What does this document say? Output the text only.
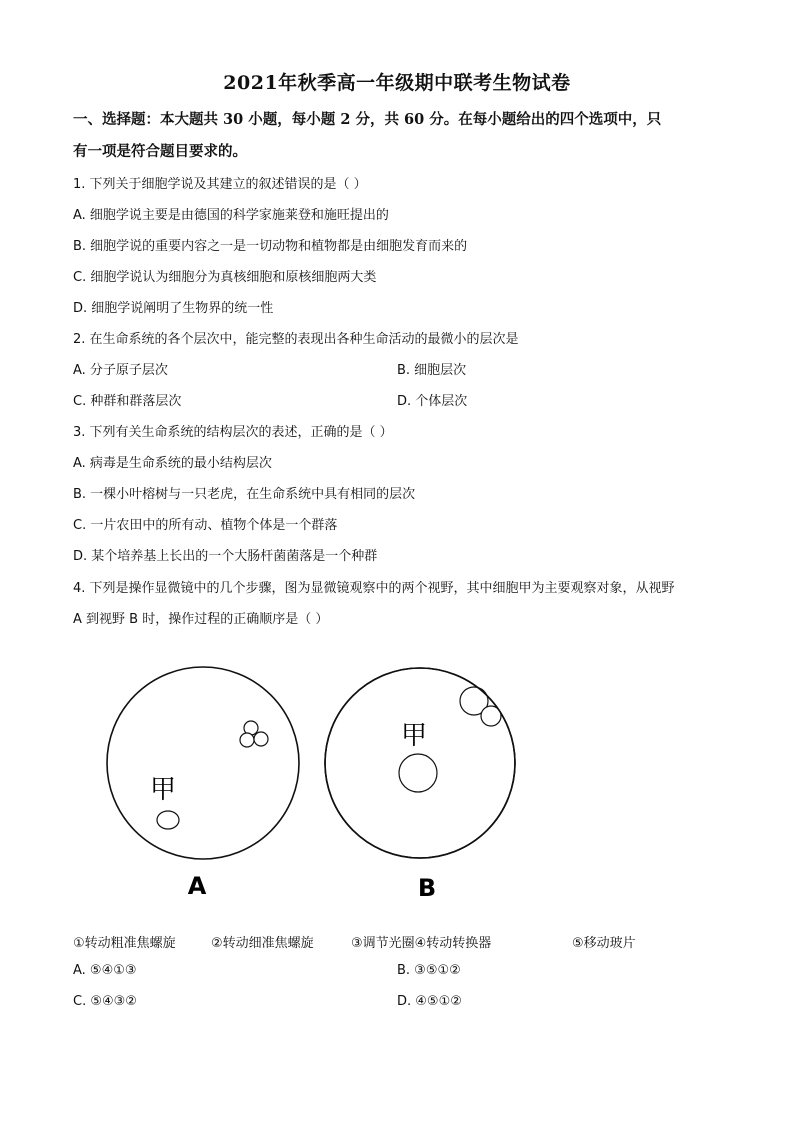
2021年秋季高一年级期中联考生物试卷
一、选择题：本大题共 30 小题，每小题 2 分，共 60 分。在每小题给出的四个选项中，只
有一项是符合题目要求的。
1. 下列关于细胞学说及其建立的叙述错误的是（ ）
A. 细胞学说主要是由德国的科学家施莱登和施旺提出的
B. 细胞学说的重要内容之一是一切动物和植物都是由细胞发育而来的
C. 细胞学说认为细胞分为真核细胞和原核细胞两大类
D. 细胞学说阐明了生物界的统一性
2. 在生命系统的各个层次中，能完整的表现出各种生命活动的最微小的层次是
A. 分子原子层次	B. 细胞层次
C. 种群和群落层次	D. 个体层次
3. 下列有关生命系统的结构层次的表述，正确的是（ ）
A. 病毒是生命系统的最小结构层次
B. 一棵小叶榕树与一只老虎，在生命系统中具有相同的层次
C. 一片农田中的所有动、植物个体是一个群落
D. 某个培养基上长出的一个大肠杆菌菌落是一个种群
4. 下列是操作显微镜中的几个步骤，图为显微镜观察中的两个视野，其中细胞甲为主要观察对象，从视野
A 到视野 B 时，操作过程的正确顺序是（ ）
甲
A
甲
B
①转动粗准焦螺旋	②转动细准焦螺旋	③调节光圈④转动转换器	⑤移动玻片
A. ⑤④①③	B. ③⑤①②
C. ⑤④③②	D. ④⑤①②
